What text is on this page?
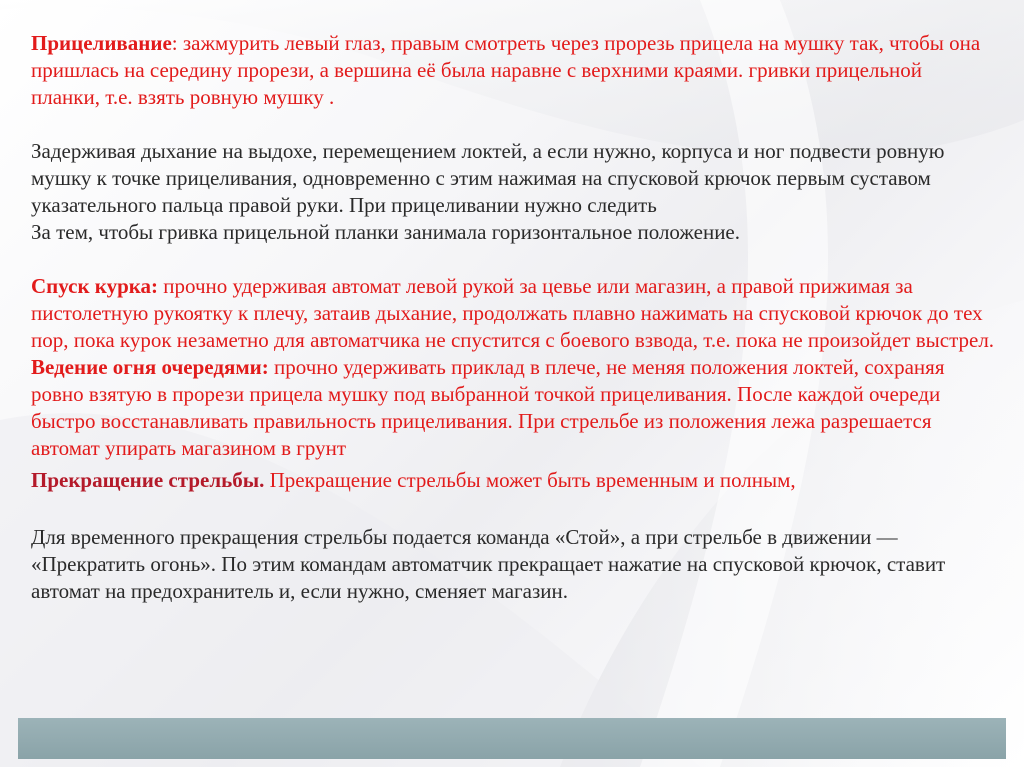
Прицеливание: зажмурить левый глаз, правым смотреть через прорезь прицела на мушку так, чтобы она пришлась на середину прорези, а вершина её была наравне с верхними краями. гривки прицельной планки, т.е. взять ровную мушку .

Задерживая дыхание на выдохе, перемещением локтей, а если нужно, корпуса и ног подвести ровную мушку к точке прицеливания, одновременно с этим нажимая на спусковой крючок первым суставом указательного пальца правой руки. При прицеливании нужно следить
За тем, чтобы гривка прицельной планки занимала горизонтальное положение.

Спуск курка: прочно удерживая автомат левой рукой за цевье или магазин, а правой прижимая за пистолетную рукоятку к плечу, затаив дыхание, продолжать плавно нажимать на спусковой крючок до тех пор, пока курок незаметно для автоматчика не спустится с боевого взвода, т.е. пока не произойдет выстрел.

Ведение огня очередями: прочно удерживать приклад в плече, не меняя положения локтей, сохраняя ровно взятую в прорези прицела мушку под выбранной точкой прицеливания. После каждой очереди быстро восстанавливать правильность прицеливания. При стрельбе из положения лежа разрешается автомат упирать магазином в грунт

Прекращение стрельбы. Прекращение стрельбы может быть временным и полным,

Для временного прекращения стрельбы подается команда «Стой», а при стрельбе в движении — «Прекратить огонь». По этим командам автоматчик прекращает нажатие на спусковой крючок, ставит автомат на предохранитель и, если нужно, сменяет магазин.
